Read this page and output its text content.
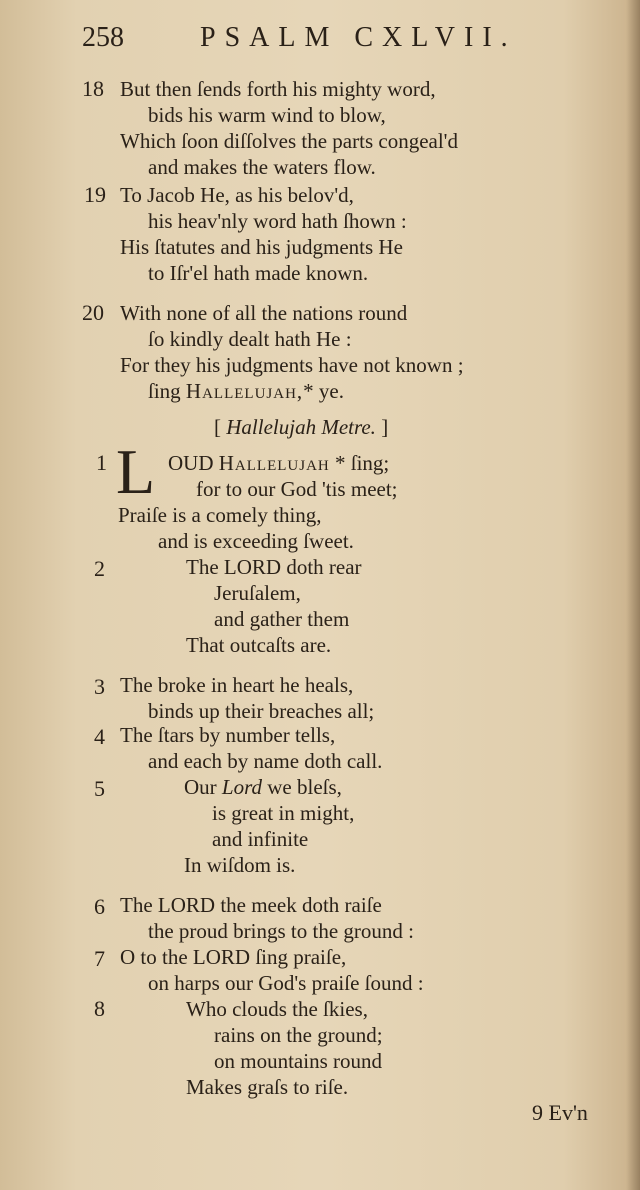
258	PSALM CXLVII.
18 But then ſends forth his mighty word,
bids his warm wind to blow,
Which ſoon diſſolves the parts congeal'd
and makes the waters flow.
19 To Jacob He, as his belov'd,
his heav'nly word hath ſhown :
His ſtatutes and his judgments He
to Iſr'el hath made known.
20 With none of all the nations round
ſo kindly dealt hath He :
For they his judgments have not known ;
ſing Hallelujah,* ye.
[ Hallelujah Metre. ]
1 L OUD Hallelujah * ſing;
for to our God 'tis meet;
Praiſe is a comely thing,
and is exceeding ſweet.
2	The LORD doth rear
Jeruſalem,
and gather them
That outcaſts are.
3 The broke in heart he heals,
binds up their breaches all;
4 The ſtars by number tells,
and each by name doth call.
5	Our Lord we bleſs,
is great in might,
and infinite
In wiſdom is.
6 The LORD the meek doth raiſe
the proud brings to the ground :
7 O to the LORD ſing praiſe,
on harps our God's praiſe ſound :
8	Who clouds the ſkies,
rains on the ground;
on mountains round
Makes graſs to riſe.
9 Ev'n
